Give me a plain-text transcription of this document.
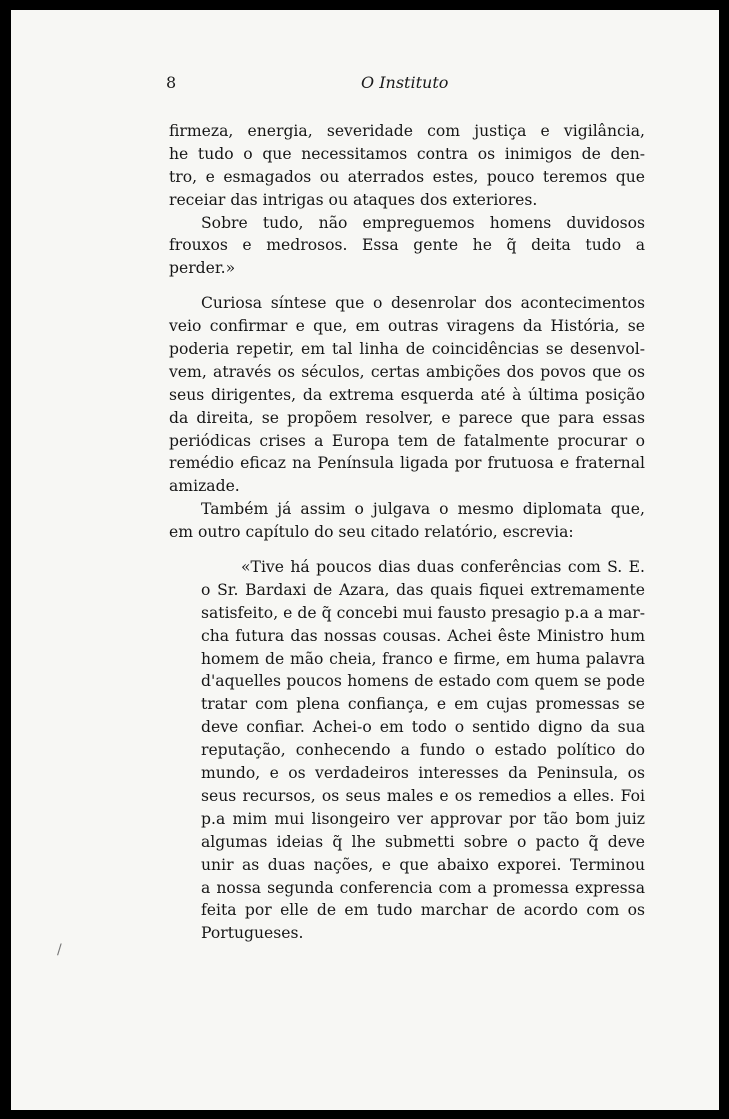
8	O Instituto
firmeza, energia, severidade com justiça e vigilância,
he tudo o que necessitamos contra os inimigos de den-
tro, e esmagados ou aterrados estes, pouco teremos que
receiar das intrigas ou ataques dos exteriores.
Sobre tudo, não empreguemos homens duvidosos
frouxos e medrosos. Essa gente he q̃ deita tudo a
perder.»
Curiosa síntese que o desenrolar dos acontecimentos
veio confirmar e que, em outras viragens da História, se
poderia repetir, em tal linha de coincidências se desenvol-
vem, através os séculos, certas ambições dos povos que os
seus dirigentes, da extrema esquerda até à última posição
da direita, se propõem resolver, e parece que para essas
periódicas crises a Europa tem de fatalmente procurar o
remédio eficaz na Península ligada por frutuosa e fraternal
amizade.
Também já assim o julgava o mesmo diplomata que,
em outro capítulo do seu citado relatório, escrevia:
«Tive há poucos dias duas conferências com S. E.
o Sr. Bardaxi de Azara, das quais fiquei extremamente
satisfeito, e de q̃ concebi mui fausto presagio p.a a mar-
cha futura das nossas cousas. Achei êste Ministro hum
homem de mão cheia, franco e firme, em huma palavra
d'aquelles poucos homens de estado com quem se pode
tratar com plena confiança, e em cujas promessas se
deve confiar. Achei-o em todo o sentido digno da sua
reputação, conhecendo a fundo o estado político do
mundo, e os verdadeiros interesses da Peninsula, os
seus recursos, os seus males e os remedios a elles. Foi
p.a mim mui lisongeiro ver approvar por tão bom juiz
algumas ideias q̃ lhe submetti sobre o pacto q̃ deve
unir as duas nações, e que abaixo exporei. Terminou
a nossa segunda conferencia com a promessa expressa
feita por elle de em tudo marchar de acordo com os
Portugueses.
/
